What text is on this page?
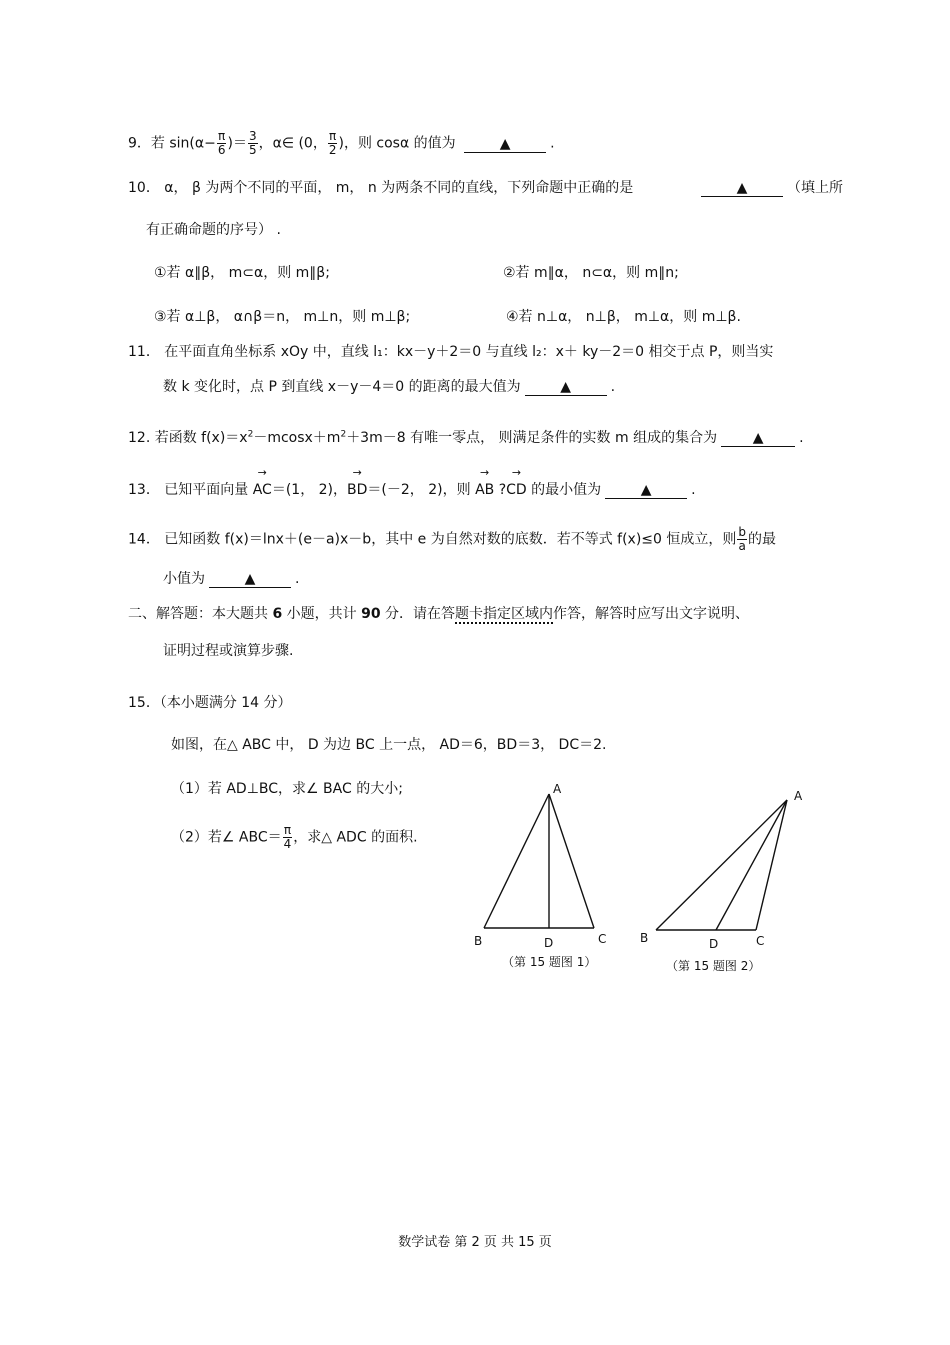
9．若 $\sin(\alpha- \frac{\pi}{6}$ )＝ $\frac{3}{5}$ ，α∈ (0， $\frac{\pi}{2}$ )，则 cosα 的值为	▲	.
10． α， β 为两个不同的平面， m， n 为两条不同的直线，下列命题中正确的是	▲	（填上所
有正确命题的序号） .
①若 α∥β， m⊂α，则 m∥β;	②若 m∥α， n⊂α，则 m∥n;
③若 α⊥β， α∩β＝n， m⊥n，则 m⊥β;	④若 n⊥α， n⊥β， m⊥α，则 m⊥β.
11． 在平面直角坐标系 xOy 中，直线 l₁：kx－y＋2＝0 与直线 l₂：x＋ ky－2＝0 相交于点 P，则当实
数 k 变化时，点 P 到直线 x－y－4＝0 的距离的最大值为	▲	.
12. 若函数 $f(x)=x^2-mcosx+m^2+3m-8$ 有唯一零点， 则满足条件的实数 m 组成的集合为	▲	.
13． 已知平面向量 → AC＝(1， 2)，→ BD＝(－2， 2)，则 → AB ?→ CD 的最小值为	▲	.
14． 已知函数 f(x)＝lnx＋(e－a)x－b，其中 e 为自然对数的底数．若不等式 f(x)≤0 恒成立，则 $\frac{b}{a}$ 的最
小值为	▲	.
二、解答题：本大题共 6 小题，共计 90 分．请在答题卡指定区域内作答，解答时应写出文字说明、
证明过程或演算步骤.
15．（本小题满分 14 分）
如图，在△ ABC 中， D 为边 BC 上一点， AD＝6，BD＝3， DC＝2.
（1）若 AD⊥BC，求∠ BAC 的大小;
（2）若∠ $ABC= \frac{\pi}{4}$ ，求△ ADC 的面积.
A
B	D	C
（第 15 题图 1）
A
B	D	C
（第 15 题图 2）
数学试卷 第 2 页 共 15 页
